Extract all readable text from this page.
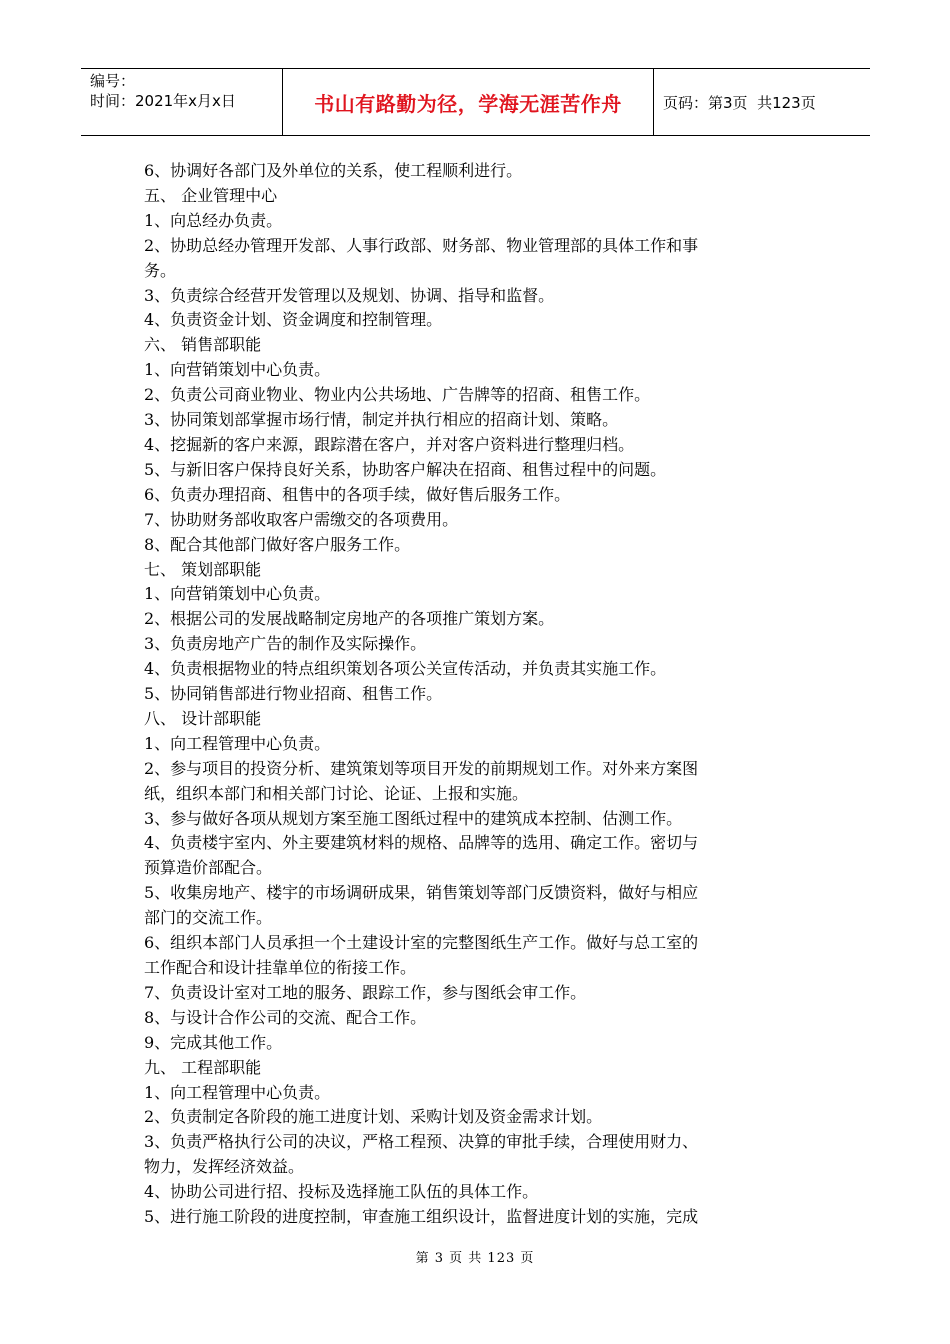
编号：
时间：2021年x月x日	书山有路勤为径，学海无涯苦作舟	页码：第3页  共123页
6、协调好各部门及外单位的关系，使工程顺利进行。
五、 企业管理中心
1、向总经办负责。
2、协助总经办管理开发部、人事行政部、财务部、物业管理部的具体工作和事
务。
3、负责综合经营开发管理以及规划、协调、指导和监督。
4、负责资金计划、资金调度和控制管理。
六、 销售部职能
1、向营销策划中心负责。
2、负责公司商业物业、物业内公共场地、广告牌等的招商、租售工作。
3、协同策划部掌握市场行情，制定并执行相应的招商计划、策略。
4、挖掘新的客户来源，跟踪潜在客户，并对客户资料进行整理归档。
5、与新旧客户保持良好关系，协助客户解决在招商、租售过程中的问题。
6、负责办理招商、租售中的各项手续，做好售后服务工作。
7、协助财务部收取客户需缴交的各项费用。
8、配合其他部门做好客户服务工作。
七、 策划部职能
1、向营销策划中心负责。
2、根据公司的发展战略制定房地产的各项推广策划方案。
3、负责房地产广告的制作及实际操作。
4、负责根据物业的特点组织策划各项公关宣传活动，并负责其实施工作。
5、协同销售部进行物业招商、租售工作。
八、 设计部职能
1、向工程管理中心负责。
2、参与项目的投资分析、建筑策划等项目开发的前期规划工作。对外来方案图
纸，组织本部门和相关部门讨论、论证、上报和实施。
3、参与做好各项从规划方案至施工图纸过程中的建筑成本控制、估测工作。
4、负责楼宇室内、外主要建筑材料的规格、品牌等的选用、确定工作。密切与
预算造价部配合。
5、收集房地产、楼宇的市场调研成果，销售策划等部门反馈资料，做好与相应
部门的交流工作。
6、组织本部门人员承担一个土建设计室的完整图纸生产工作。做好与总工室的
工作配合和设计挂靠单位的衔接工作。
7、负责设计室对工地的服务、跟踪工作，参与图纸会审工作。
8、与设计合作公司的交流、配合工作。
9、完成其他工作。
九、 工程部职能
1、向工程管理中心负责。
2、负责制定各阶段的施工进度计划、采购计划及资金需求计划。
3、负责严格执行公司的决议，严格工程预、决算的审批手续，合理使用财力、
物力，发挥经济效益。
4、协助公司进行招、投标及选择施工队伍的具体工作。
5、进行施工阶段的进度控制，审查施工组织设计，监督进度计划的实施，完成
第 3 页 共 123 页
